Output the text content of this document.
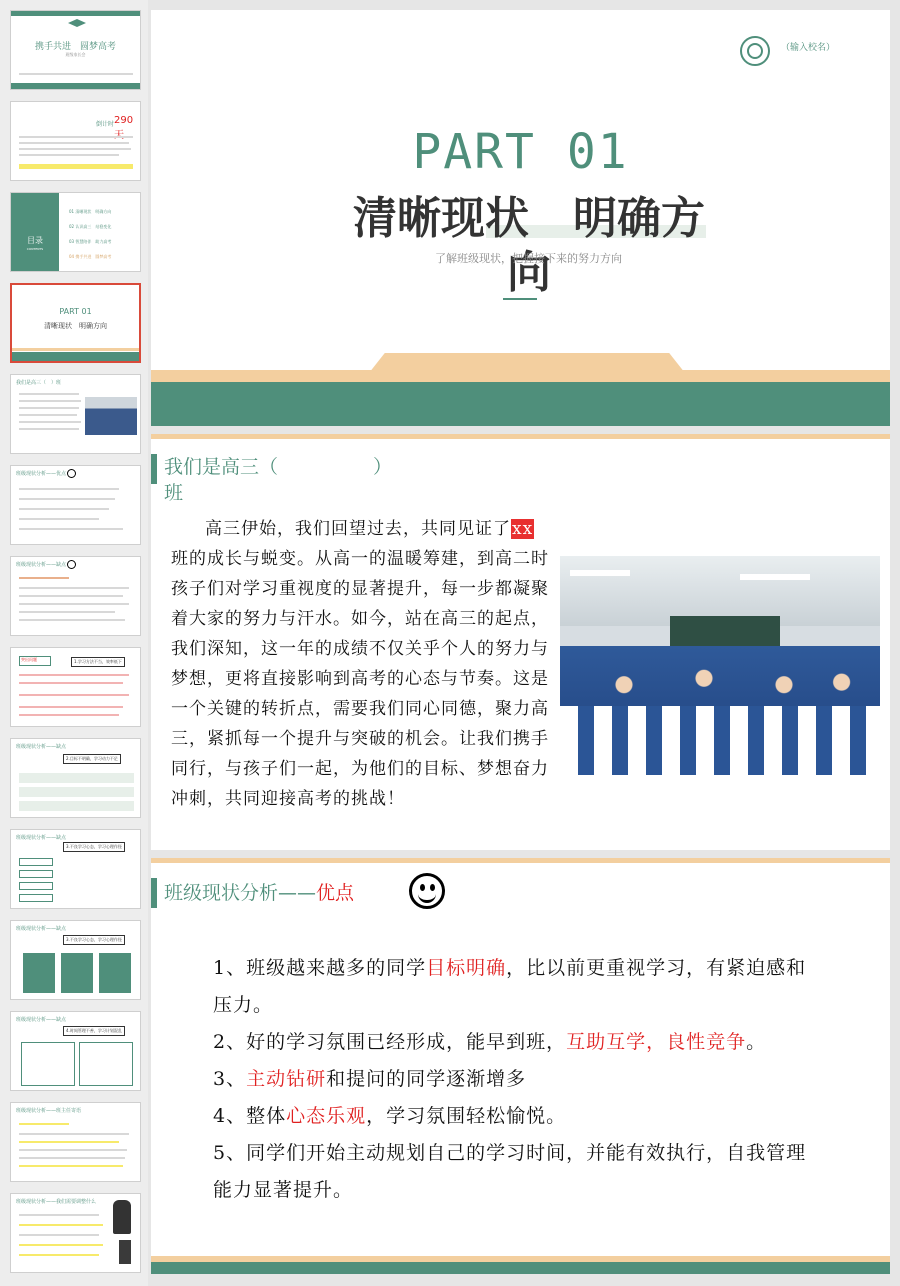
携手共进　圆梦高考
班级家长会
倒计时 290
目录
CONTENTS
01 清晰现状　明确方向
02 认识高三　站稳变化
03 智慧陪伴　助力高考
04 携手共进　圆梦高考
PART 01
清晰现状　明确方向
我们是高三（　）班
班级现状分析——优点
班级现状分析——缺点
突出问题	1.学习方法不当，效率低下
班级现状分析——缺点
2.目标不明确，学习动力不足
班级现状分析——缺点
3.不良学习心态，学习心理作怪
班级现状分析——缺点
3.不良学习心态，学习心理作怪
班级现状分析——缺点
4.时间管理不善，学习计划混乱
班级现状分析——班主任寄语
班级现状分析——我们需要调整什么
（输入校名）
PART 01
清晰现状　明确方向
了解班级现状，把握接下来的努力方向
我们是高三（　　　　　）班
高三伊始，我们回望过去，共同见证了xx班的成长与蜕变。从高一的温暖筹建，到高二时孩子们对学习重视度的显著提升，每一步都凝聚着大家的努力与汗水。如今，站在高三的起点，我们深知，这一年的成绩不仅关乎个人的努力与梦想，更将直接影响到高考的心态与节奏。这是一个关键的转折点，需要我们同心同德，聚力高三，紧抓每一个提升与突破的机会。让我们携手同行，与孩子们一起，为他们的目标、梦想奋力冲刺，共同迎接高考的挑战！
班级现状分析——优点
1、班级越来越多的同学目标明确，比以前更重视学习，有紧迫感和压力。
2、好的学习氛围已经形成，能早到班，互助互学，良性竞争。
3、主动钻研和提问的同学逐渐增多
4、整体心态乐观，学习氛围轻松愉悦。
5、同学们开始主动规划自己的学习时间，并能有效执行，自我管理能力显著提升。
